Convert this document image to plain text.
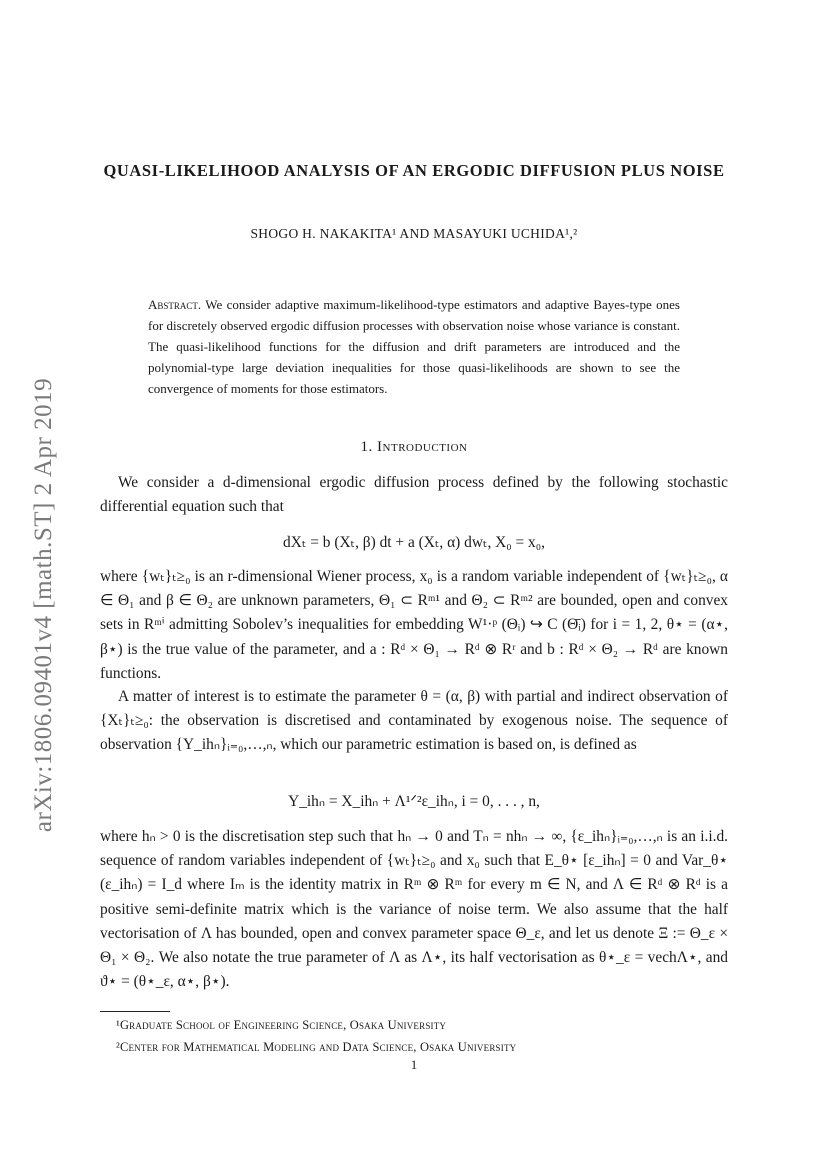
arXiv:1806.09401v4 [math.ST] 2 Apr 2019
QUASI-LIKELIHOOD ANALYSIS OF AN ERGODIC DIFFUSION PLUS NOISE
SHOGO H. NAKAKITA¹ AND MASAYUKI UCHIDA¹,²
Abstract. We consider adaptive maximum-likelihood-type estimators and adaptive Bayes-type ones for discretely observed ergodic diffusion processes with observation noise whose variance is constant. The quasi-likelihood functions for the diffusion and drift parameters are introduced and the polynomial-type large deviation inequalities for those quasi-likelihoods are shown to see the convergence of moments for those estimators.
1. Introduction
We consider a d-dimensional ergodic diffusion process defined by the following stochastic differential equation such that
dXₜ = b (Xₜ, β) dt + a (Xₜ, α) dwₜ, X₀ = x₀,
where {wₜ}ₜ≥₀ is an r-dimensional Wiener process, x₀ is a random variable independent of {wₜ}ₜ≥₀, α ∈ Θ₁ and β ∈ Θ₂ are unknown parameters, Θ₁ ⊂ Rᵐ¹ and Θ₂ ⊂ Rᵐ² are bounded, open and convex sets in Rᵐⁱ admitting Sobolev’s inequalities for embedding W¹·ᵖ (Θᵢ) ↪ C (Θ̄ᵢ) for i = 1, 2, θ⋆ = (α⋆, β⋆) is the true value of the parameter, and a : Rᵈ × Θ₁ → Rᵈ ⊗ Rʳ and b : Rᵈ × Θ₂ → Rᵈ are known functions.
A matter of interest is to estimate the parameter θ = (α, β) with partial and indirect observation of {Xₜ}ₜ≥₀: the observation is discretised and contaminated by exogenous noise. The sequence of observation {Y_ihₙ}ᵢ₌₀,…,ₙ, which our parametric estimation is based on, is defined as
Y_ihₙ = X_ihₙ + Λ¹ᐟ²ε_ihₙ, i = 0, . . . , n,
where hₙ > 0 is the discretisation step such that hₙ → 0 and Tₙ = nhₙ → ∞, {ε_ihₙ}ᵢ₌₀,…,ₙ is an i.i.d. sequence of random variables independent of {wₜ}ₜ≥₀ and x₀ such that E_θ⋆ [ε_ihₙ] = 0 and Var_θ⋆ (ε_ihₙ) = I_d where Iₘ is the identity matrix in Rᵐ ⊗ Rᵐ for every m ∈ N, and Λ ∈ Rᵈ ⊗ Rᵈ is a positive semi-definite matrix which is the variance of noise term. We also assume that the half vectorisation of Λ has bounded, open and convex parameter space Θ_ε, and let us denote Ξ := Θ_ε × Θ₁ × Θ₂. We also notate the true parameter of Λ as Λ⋆, its half vectorisation as θ⋆_ε = vechΛ⋆, and ϑ⋆ = (θ⋆_ε, α⋆, β⋆).
¹Graduate School of Engineering Science, Osaka University
²Center for Mathematical Modeling and Data Science, Osaka University
1
